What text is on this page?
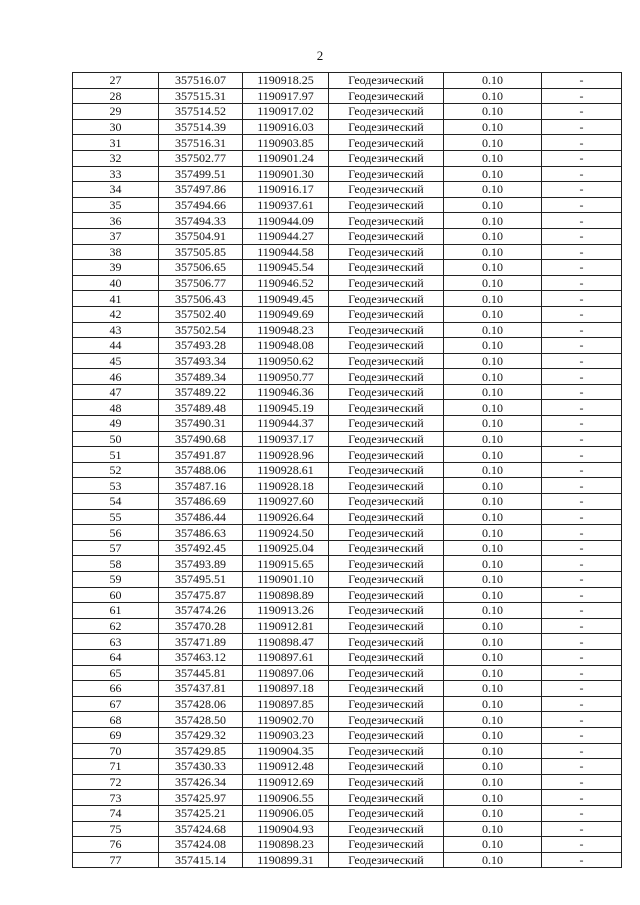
2
27	357516.07	1190918.25	Геодезический	0.10	-
28	357515.31	1190917.97	Геодезический	0.10	-
29	357514.52	1190917.02	Геодезический	0.10	-
30	357514.39	1190916.03	Геодезический	0.10	-
31	357516.31	1190903.85	Геодезический	0.10	-
32	357502.77	1190901.24	Геодезический	0.10	-
33	357499.51	1190901.30	Геодезический	0.10	-
34	357497.86	1190916.17	Геодезический	0.10	-
35	357494.66	1190937.61	Геодезический	0.10	-
36	357494.33	1190944.09	Геодезический	0.10	-
37	357504.91	1190944.27	Геодезический	0.10	-
38	357505.85	1190944.58	Геодезический	0.10	-
39	357506.65	1190945.54	Геодезический	0.10	-
40	357506.77	1190946.52	Геодезический	0.10	-
41	357506.43	1190949.45	Геодезический	0.10	-
42	357502.40	1190949.69	Геодезический	0.10	-
43	357502.54	1190948.23	Геодезический	0.10	-
44	357493.28	1190948.08	Геодезический	0.10	-
45	357493.34	1190950.62	Геодезический	0.10	-
46	357489.34	1190950.77	Геодезический	0.10	-
47	357489.22	1190946.36	Геодезический	0.10	-
48	357489.48	1190945.19	Геодезический	0.10	-
49	357490.31	1190944.37	Геодезический	0.10	-
50	357490.68	1190937.17	Геодезический	0.10	-
51	357491.87	1190928.96	Геодезический	0.10	-
52	357488.06	1190928.61	Геодезический	0.10	-
53	357487.16	1190928.18	Геодезический	0.10	-
54	357486.69	1190927.60	Геодезический	0.10	-
55	357486.44	1190926.64	Геодезический	0.10	-
56	357486.63	1190924.50	Геодезический	0.10	-
57	357492.45	1190925.04	Геодезический	0.10	-
58	357493.89	1190915.65	Геодезический	0.10	-
59	357495.51	1190901.10	Геодезический	0.10	-
60	357475.87	1190898.89	Геодезический	0.10	-
61	357474.26	1190913.26	Геодезический	0.10	-
62	357470.28	1190912.81	Геодезический	0.10	-
63	357471.89	1190898.47	Геодезический	0.10	-
64	357463.12	1190897.61	Геодезический	0.10	-
65	357445.81	1190897.06	Геодезический	0.10	-
66	357437.81	1190897.18	Геодезический	0.10	-
67	357428.06	1190897.85	Геодезический	0.10	-
68	357428.50	1190902.70	Геодезический	0.10	-
69	357429.32	1190903.23	Геодезический	0.10	-
70	357429.85	1190904.35	Геодезический	0.10	-
71	357430.33	1190912.48	Геодезический	0.10	-
72	357426.34	1190912.69	Геодезический	0.10	-
73	357425.97	1190906.55	Геодезический	0.10	-
74	357425.21	1190906.05	Геодезический	0.10	-
75	357424.68	1190904.93	Геодезический	0.10	-
76	357424.08	1190898.23	Геодезический	0.10	-
77	357415.14	1190899.31	Геодезический	0.10	-
